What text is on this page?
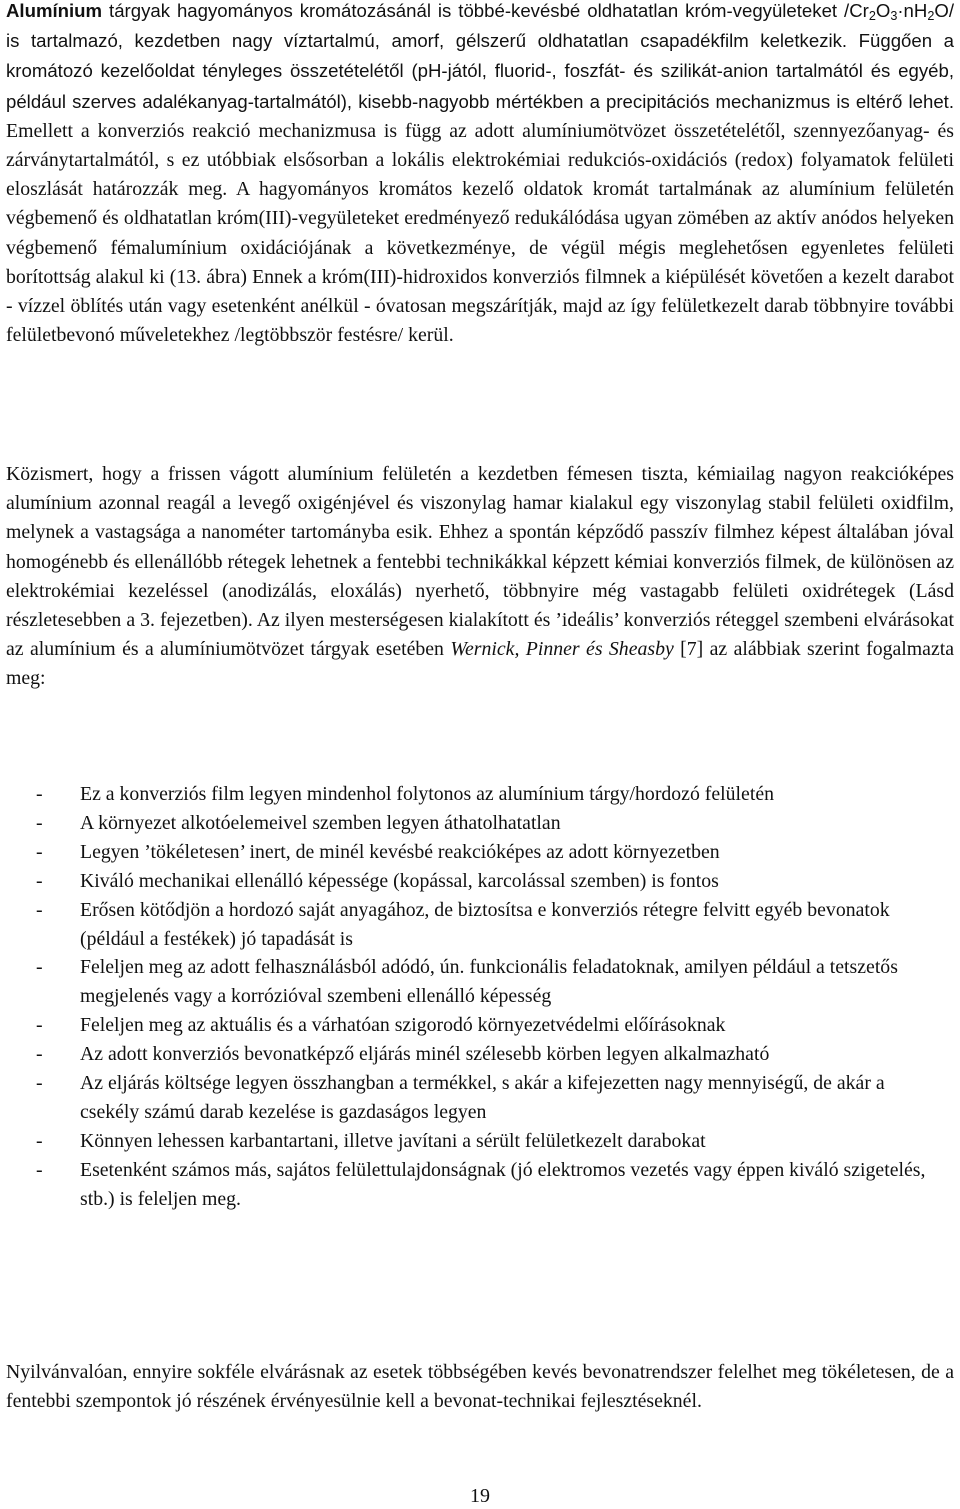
Alumínium tárgyak hagyományos kromátozásánál is többé-kevésbé oldhatatlan króm-vegyületeket $/Cr_2O_3\cdot nH_2O/$ is tartalmazó, kezdetben nagy víztartalmú, amorf, gélszerű oldhatatlan csapadékfilm keletkezik. Függően a kromátozó kezelőoldat tényleges összetételétől (pH-jától, fluorid-, foszfát- és szilikát-anion tartalmától és egyéb, például szerves adalékanyag-tartalmától), kisebb-nagyobb mértékben a precipitációs mechanizmus is eltérő lehet. Emellett a konverziós reakció mechanizmusa is függ az adott alumíniumötvözet összetételétől, szennyezőanyag- és zárványtartalmától, s ez utóbbiak elsősorban a lokális elektrokémiai redukciós-oxidációs (redox) folyamatok felületi eloszlását határozzák meg. A hagyományos kromátos kezelő oldatok kromát tartalmának az alumínium felületén végbemenő és oldhatatlan króm(III)-vegyületeket eredményező redukálódása ugyan zömében az aktív anódos helyeken végbemenő fémalumínium oxidációjának a következménye, de végül mégis meglehetősen egyenletes felületi borítottság alakul ki (13. ábra) Ennek a króm(III)-hidroxidos konverziós filmnek a kiépülését követően a kezelt darabot - vízzel öblítés után vagy esetenként anélkül - óvatosan megszárítják, majd az így felületkezelt darab többnyire további felületbevonó műveletekhez /legtöbbször festésre/ kerül.

Közismert, hogy a frissen vágott alumínium felületén a kezdetben fémesen tiszta, kémiailag nagyon reakcióképes alumínium azonnal reagál a levegő oxigénjével és viszonylag hamar kialakul egy viszonylag stabil felületi oxidfilm, melynek a vastagsága a nanométer tartományba esik. Ehhez a spontán képződő passzív filmhez képest általában jóval homogénebb és ellenállóbb rétegek lehetnek a fentebbi technikákkal képzett kémiai konverziós filmek, de különösen az elektrokémiai kezeléssel (anodizálás, eloxálás) nyerhető, többnyire még vastagabb felületi oxidrétegek (Lásd részletesebben a 3. fejezetben). Az ilyen mesterségesen kialakított és ’ideális’ konverziós réteggel szembeni elvárásokat az alumínium és a alumíniumötvözet tárgyak esetében Wernick, Pinner és Sheasby [7] az alábbiak szerint fogalmazta meg:

- Ez a konverziós film legyen mindenhol folytonos az alumínium tárgy/hordozó felületén
- A környezet alkotóelemeivel szemben legyen áthatolhatatlan
- Legyen ’tökéletesen’ inert, de minél kevésbé reakcióképes az adott környezetben
- Kiváló mechanikai ellenálló képessége (kopással, karcolással szemben) is fontos
- Erősen kötődjön a hordozó saját anyagához, de biztosítsa e konverziós rétegre felvitt egyéb bevonatok (például a festékek) jó tapadását is
- Feleljen meg az adott felhasználásból adódó, ún. funkcionális feladatoknak, amilyen például a tetszetős megjelenés vagy a korrózióval szembeni ellenálló képesség
- Feleljen meg az aktuális és a várhatóan szigorodó környezetvédelmi előírásoknak
- Az adott konverziós bevonatképző eljárás minél szélesebb körben legyen alkalmazható
- Az eljárás költsége legyen összhangban a termékkel, s akár a kifejezetten nagy mennyiségű, de akár a csekély számú darab kezelése is gazdaságos legyen
- Könnyen lehessen karbantartani, illetve javítani a sérült felületkezelt darabokat
- Esetenként számos más, sajátos felülettulajdonságnak (jó elektromos vezetés vagy éppen kiváló szigetelés, stb.) is feleljen meg.

Nyilvánvalóan, ennyire sokféle elvárásnak az esetek többségében kevés bevonatrendszer felelhet meg tökéletesen, de a fentebbi szempontok jó részének érvényesülnie kell a bevonat-technikai fejlesztéseknél.

19
